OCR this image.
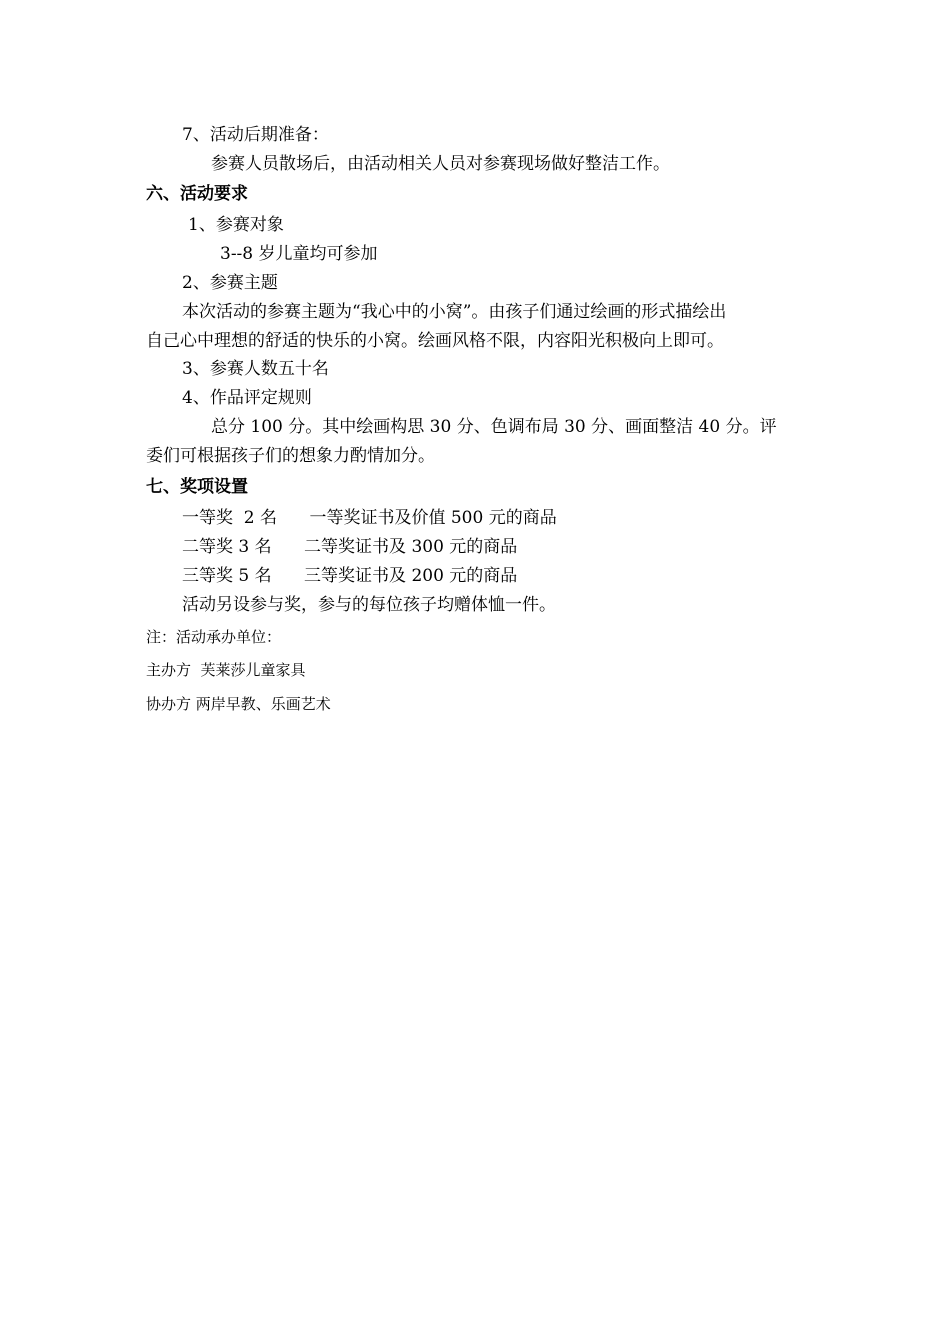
7、活动后期准备：
参赛人员散场后，由活动相关人员对参赛现场做好整洁工作。
六、活动要求
1、参赛对象
3--8 岁儿童均可参加
2、参赛主题
本次活动的参赛主题为“我心中的小窝”。由孩子们通过绘画的形式描绘出
自己心中理想的舒适的快乐的小窝。绘画风格不限，内容阳光积极向上即可。
3、参赛人数五十名
4、作品评定规则
总分 100 分。其中绘画构思 30 分、色调布局 30 分、画面整洁 40 分。评
委们可根据孩子们的想象力酌情加分。
七、奖项设置
一等奖  2 名      一等奖证书及价值 500 元的商品
二等奖 3 名      二等奖证书及 300 元的商品
三等奖 5 名      三等奖证书及 200 元的商品
活动另设参与奖，参与的每位孩子均赠体恤一件。
注：活动承办单位：
主办方  芙莱莎儿童家具
协办方 两岸早教、乐画艺术
